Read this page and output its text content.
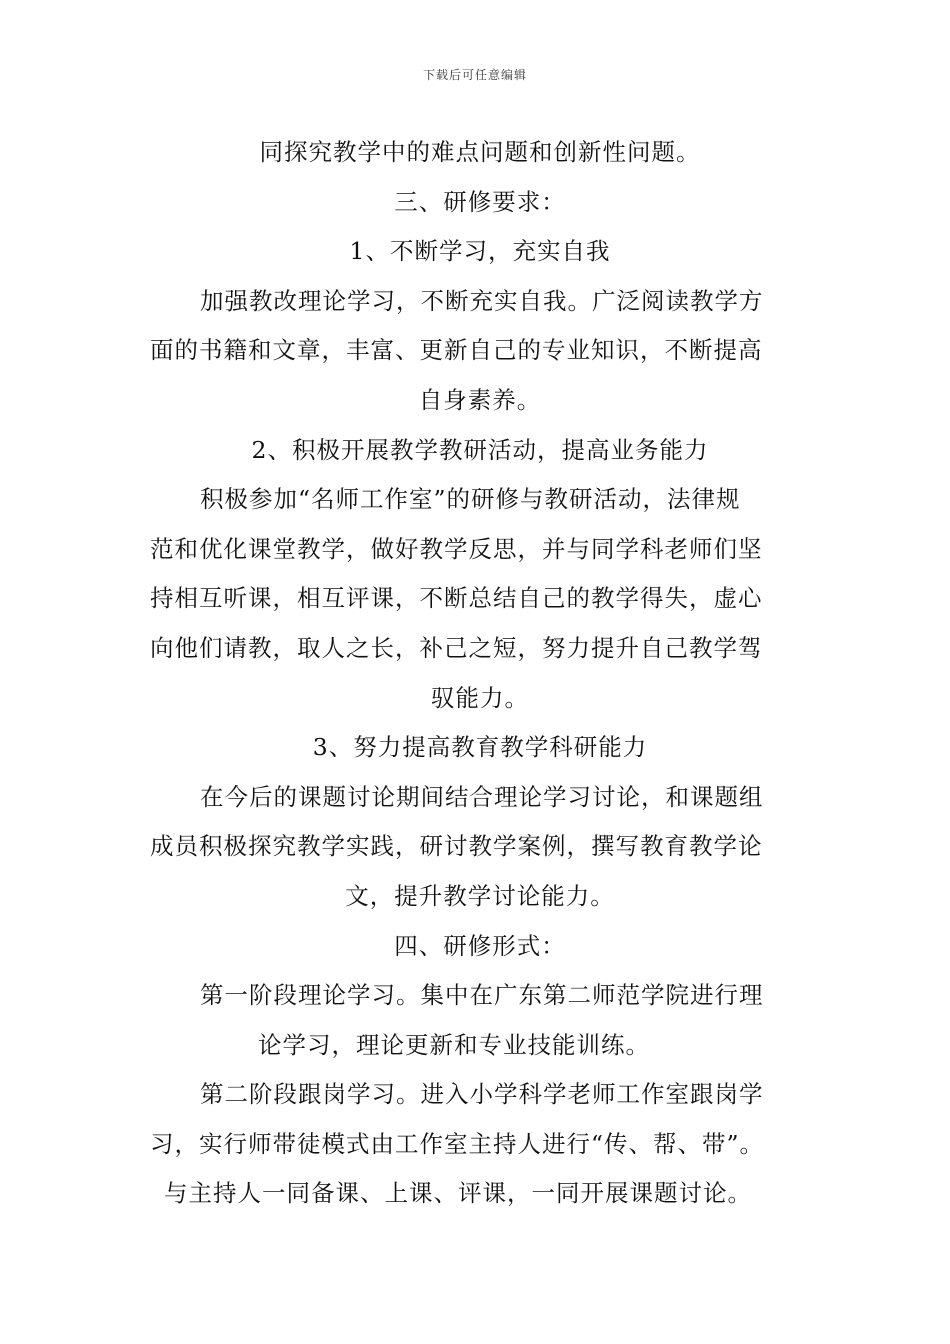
下载后可任意编辑
同探究教学中的难点问题和创新性问题。
三、研修要求：
1、不断学习，充实自我
加强教改理论学习，不断充实自我。广泛阅读教学方
面的书籍和文章，丰富、更新自己的专业知识，不断提高
自身素养。
2、积极开展教学教研活动，提高业务能力
积极参加“名师工作室”的研修与教研活动，法律规
范和优化课堂教学，做好教学反思，并与同学科老师们坚
持相互听课，相互评课，不断总结自己的教学得失，虚心
向他们请教，取人之长，补己之短，努力提升自己教学驾
驭能力。
3、努力提高教育教学科研能力
在今后的课题讨论期间结合理论学习讨论，和课题组
成员积极探究教学实践，研讨教学案例，撰写教育教学论
文，提升教学讨论能力。
四、研修形式：
第一阶段理论学习。集中在广东第二师范学院进行理
论学习，理论更新和专业技能训练。
第二阶段跟岗学习。进入小学科学老师工作室跟岗学
习，实行师带徒模式由工作室主持人进行“传、帮、带”。
与主持人一同备课、上课、评课，一同开展课题讨论。
